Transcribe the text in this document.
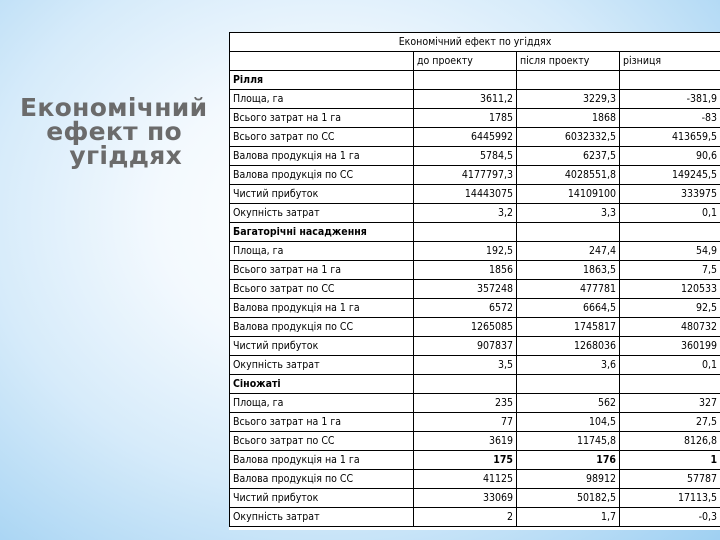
Економічний
ефект по
угіддях
Економічний ефект по угіддях			
	до проекту	після проекту	різниця
Рілля			
Площа, га	3611,2	3229,3	-381,9
Всього затрат на 1 га	1785	1868	-83
Всього затрат по СС	6445992	6032332,5	413659,5
Валова продукція на 1 га	5784,5	6237,5	90,6
Валова продукція по СС	4177797,3	4028551,8	149245,5
Чистий прибуток	14443075	14109100	333975
Окупність затрат	3,2	3,3	0,1
Багаторічні насадження			
Площа, га	192,5	247,4	54,9
Всього затрат на 1 га	1856	1863,5	7,5
Всього затрат по СС	357248	477781	120533
Валова продукція на 1 га	6572	6664,5	92,5
Валова продукція по СС	1265085	1745817	480732
Чистий прибуток	907837	1268036	360199
Окупність затрат	3,5	3,6	0,1
Сіножаті			
Площа, га	235	562	327
Всього затрат на 1 га	77	104,5	27,5
Всього затрат по СС	3619	11745,8	8126,8
Валова продукція на 1 га	175	176	1
Валова продукція по СС	41125	98912	57787
Чистий прибуток	33069	50182,5	17113,5
Окупність затрат	2	1,7	-0,3
